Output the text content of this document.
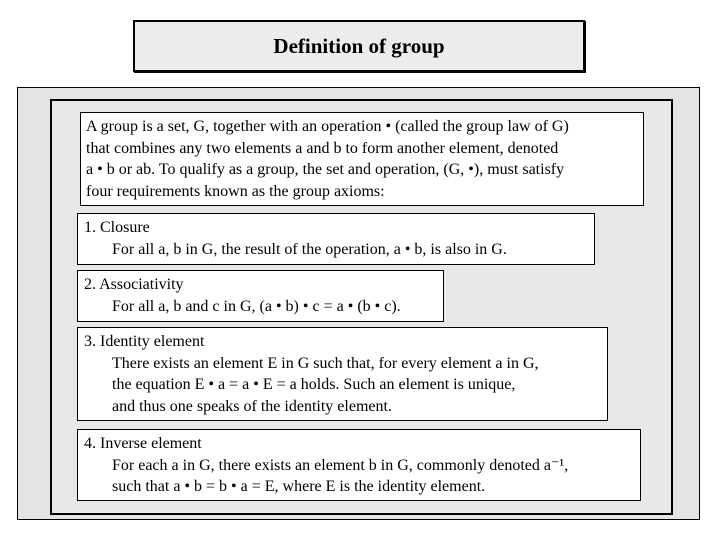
Definition of group
A group is a set, G, together with an operation • (called the group law of G)
that combines any two elements a and b to form another element, denoted
a • b or ab. To qualify as a group, the set and operation, (G, •), must satisfy
four requirements known as the group axioms:
1. Closure
For all a, b in G, the result of the operation, a • b, is also in G.
2. Associativity
For all a, b and c in G, (a • b) • c = a • (b • c).
3. Identity element
There exists an element E in G such that, for every element a in G,
the equation E • a = a • E = a holds. Such an element is unique,
and thus one speaks of the identity element.
4. Inverse element
For each a in G, there exists an element b in G, commonly denoted a⁻¹,
such that a • b = b • a = E, where E is the identity element.
